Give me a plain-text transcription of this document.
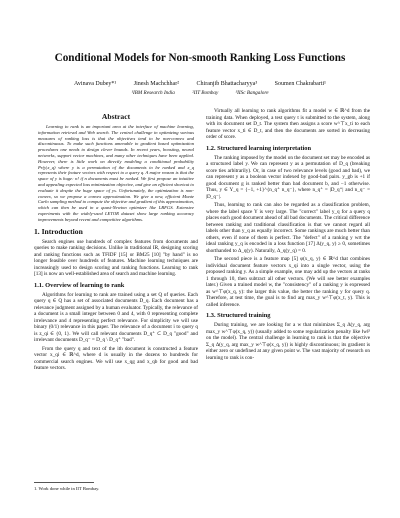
Conditional Models for Non-smooth Ranking Loss Functions
Avinava Dubey*¹	Jinesh Machchhar²	Chiranjib Bhattacharyya³	Soumen Chakrabarti¹
¹IBM Research India	²IIT Bombay	³IISc Bangalore
Abstract

Learning to rank is an important area at the interface of machine learning, information retrieval and Web search. The central challenge in optimizing various measures of ranking loss is that the objectives tend to be non-convex and discontinuous. To make such functions amenable to gradient based optimization procedures one needs to design clever bounds. In recent years, boosting, neural networks, support vector machines, and many other techniques have been applied. However, there is little work on directly modeling a conditional probability Pr(y|x_q) where y is a permutation of the documents to be ranked and x_q represents their feature vectors with respect to a query q. A major reason is that the space of y is huge: n! if n documents must be ranked. We first propose an intuitive and appealing expected loss minimization objective, and give an efficient shortcut to evaluate it despite the huge space of ys. Unfortunately, the optimization is non-convex, so we propose a convex approximation. We give a new, efficient Monte Carlo sampling method to compute the objective and gradient of this approximation, which can then be used in a quasi-Newton optimizer like LBFGS. Extensive experiments with the widely-used LETOR dataset show large ranking accuracy improvements beyond recent and competitive algorithms.

1. Introduction

Search engines use hundreds of complex features from documents and queries to make ranking decisions. Unlike in traditional IR, designing scoring and ranking functions such as TFIDF [15] or BM25 [10] "by hand" is no longer feasible over hundreds of features. Machine learning techniques are increasingly used to design scoring and ranking functions. Learning to rank [13] is now an well-established area of search and machine learning.

1.1. Overview of learning to rank

Algorithms for learning to rank are trained using a set Q of queries. Each query q ∈ Q has a set of associated documents D_q. Each document has a relevance judgment assigned by a human evaluator. Typically, the relevance of a document is a small integer between 0 and 4, with 0 representing complete irrelevance and 4 representing perfect relevance. For simplicity we will use binary (0/1) relevance in this paper. The relevance of a document i to query q is z_qi ∈ {0, 1}. We will call relevant documents D_q⁺ ⊂ D_q "good" and irrelevant documents D_q⁻ = D_q \ D_q⁺ "bad".

From the query q and text of the ith document is constructed a feature vector x_qi ∈ ℝ^d, where d is usually in the dozens to hundreds for commercial search engines. We will use x_qg and x_qb for good and bad feature vectors.

Virtually all learning to rank algorithms fit a model w ∈ ℝ^d from the training data. When deployed, a test query t is submitted to the system, along with its document set D_t. The system then assigns a score w^⊤x_ti to each feature vector x_ti ∈ D_t, and then the documents are sorted in decreasing order of score.

1.2. Structured learning interpretation

The ranking imposed by the model on the document set may be encoded as a structured label y. We can represent y as a permutation of D_q (breaking score ties arbitrarily). Or, in case of two relevance levels (good and bad), we can represent y as a boolean vector indexed by good-bad pairs. y_gb is +1 if good document g is ranked better than bad document b, and −1 otherwise. Thus, y ∈ Y_q = {−1, +1}^{n_q⁺ n_q⁻}, where n_q⁺ = |D_q⁺| and n_q⁻ = |D_q⁻|.

Thus, learning to rank can also be regarded as a classification problem, where the label space Y is very large. The "correct" label y_q for a query q places each good document ahead of all bad documents. The critical difference between ranking and traditional classification is that we cannot regard all labels other than y_q as equally incorrect. Some rankings are much better than others, even if none of them is perfect. The "defect" of a ranking y wrt the ideal ranking y_q is encoded in a loss function [17] Δ(y_q, y) ≥ 0, sometimes shorthanded to Δ_q(y). Naturally, Δ_q(y_q) = 0.

The second piece is a feature map [5] φ(x_q, y) ∈ ℝ^d that combines individual document feature vectors x_qi into a single vector, using the proposed ranking y. As a simple example, one may add up the vectors at ranks 1 through 10, then subtract all other vectors. (We will see better examples later.) Given a trained model w, the "consistency" of a ranking y is expressed as w^⊤φ(x_q, y): the larger this value, the better the ranking y for query q. Therefore, at test time, the goal is to find arg max_y w^⊤φ(x_t, y). This is called inference.

1.3. Structured training

During training, we are looking for a w that minimizes Σ_q Δ(y_q, arg max_y w^⊤φ(x_q, y)) (usually added to some regularization penalty like ‖w‖² on the model). The central challenge in learning to rank is that the objective Σ_q Δ(y_q, arg max_y w^⊤φ(x_q, y)) is highly discontinuous; its gradient is either zero or undefined at any given point w. The vast majority of research on learning to rank is con-

1. Work done while in IIT Bombay.
